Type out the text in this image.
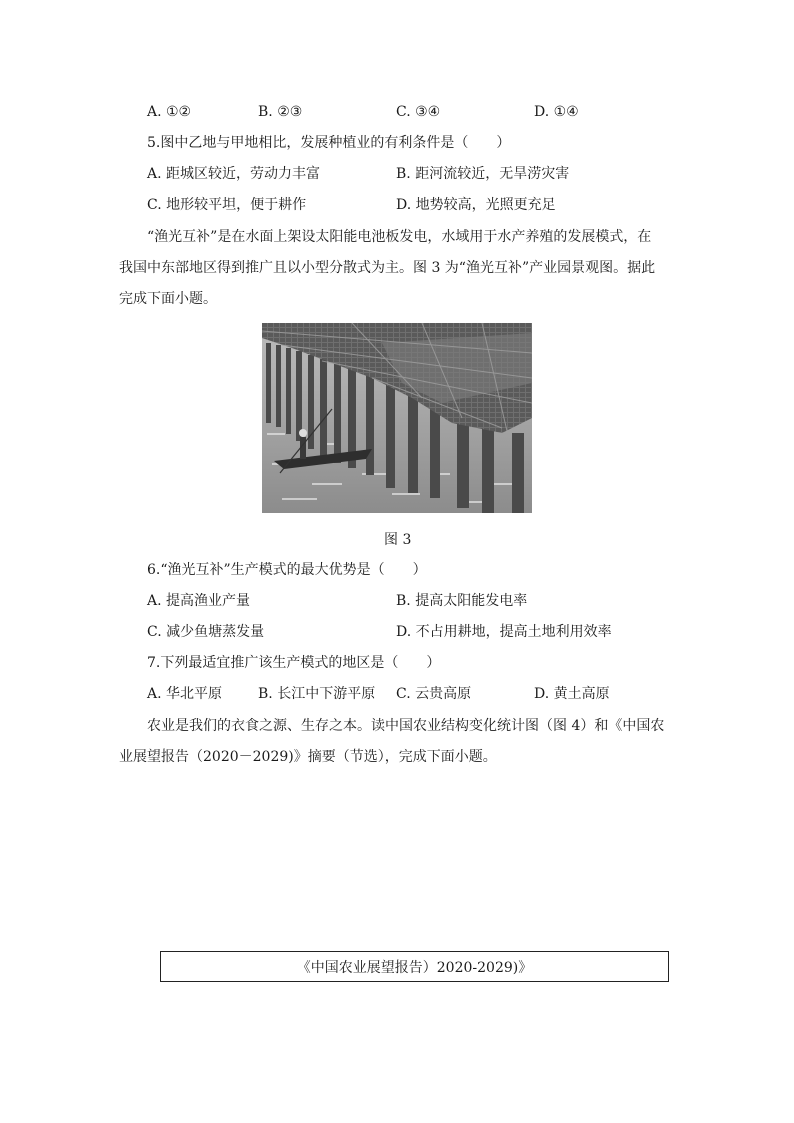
A. ①②	B. ②③	C. ③④	D. ①④
5.图中乙地与甲地相比，发展种植业的有利条件是（　　）
A. 距城区较近，劳动力丰富	B. 距河流较近，无旱涝灾害
C. 地形较平坦，便于耕作	D. 地势较高，光照更充足
“渔光互补”是在水面上架设太阳能电池板发电，水域用于水产养殖的发展模式，在
我国中东部地区得到推广且以小型分散式为主。图 3 为“渔光互补”产业园景观图。据此
完成下面小题。
图 3
6.“渔光互补”生产模式的最大优势是（　　）
A. 提高渔业产量	B. 提高太阳能发电率
C. 减少鱼塘蒸发量	D. 不占用耕地，提高土地利用效率
7.下列最适宜推广该生产模式的地区是（　　）
A. 华北平原	B. 长江中下游平原 C. 云贵高原	D. 黄土高原
农业是我们的衣食之源、生存之本。读中国农业结构变化统计图（图 4）和《中国农
业展望报告（2020－2029)》摘要（节选），完成下面小题。
《中国农业展望报告）2020-2029)》
